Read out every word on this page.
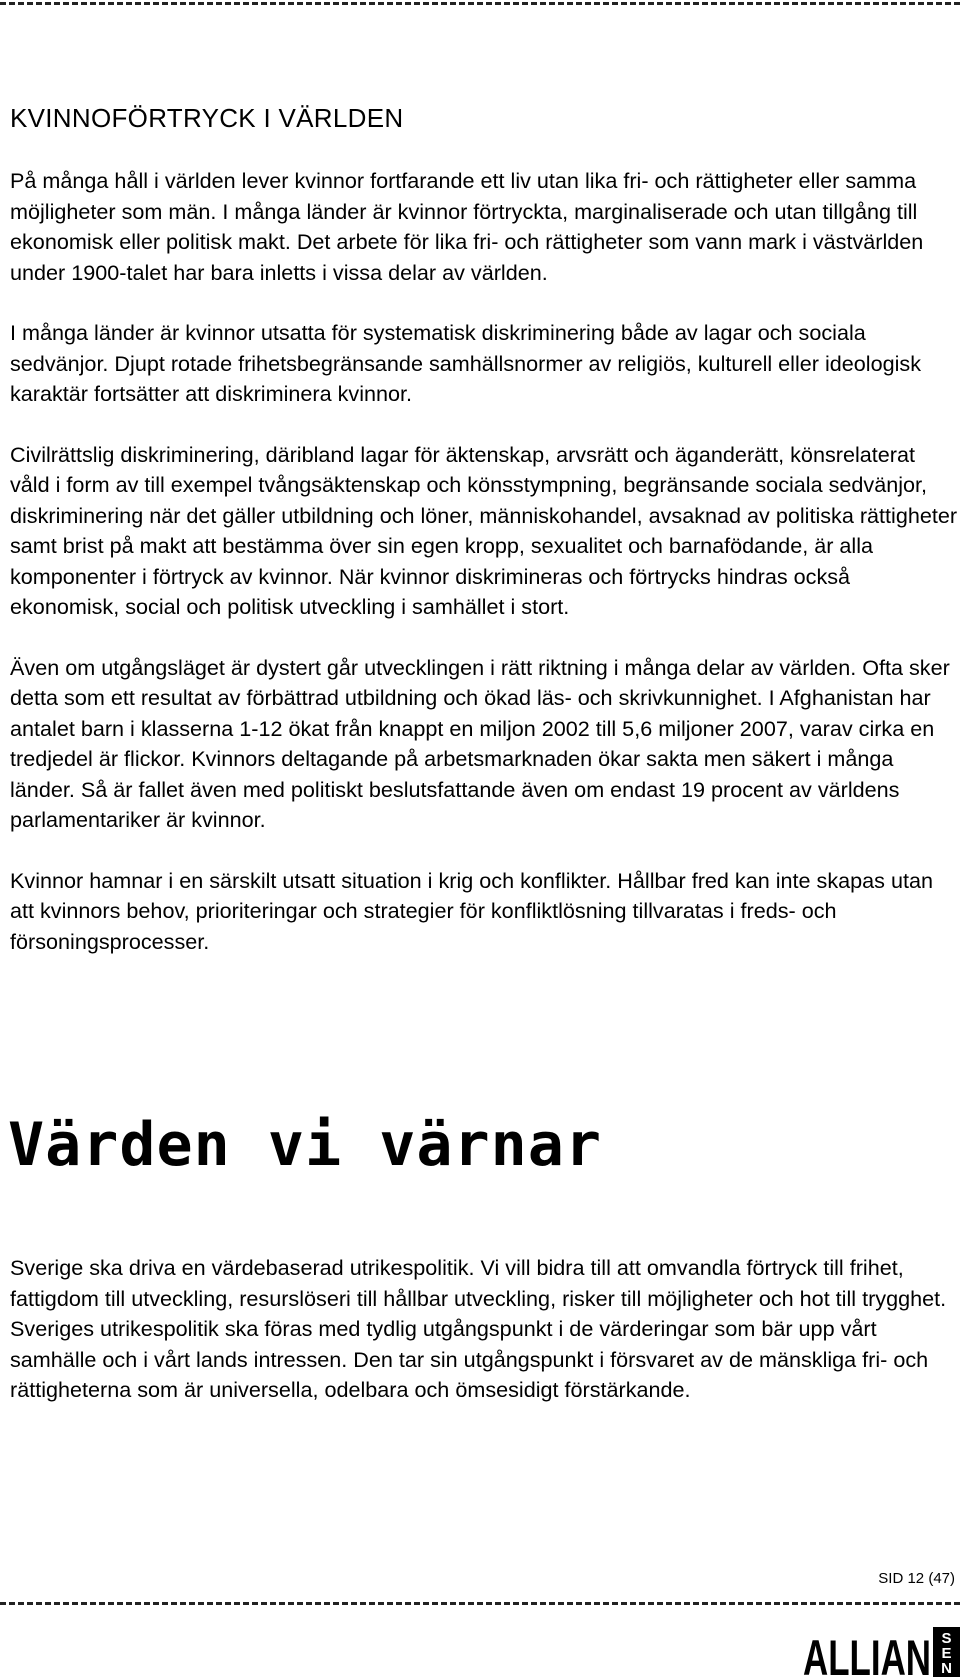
KVINNOFÖRTRYCK I VÄRLDEN

På många håll i världen lever kvinnor fortfarande ett liv utan lika fri- och rättigheter eller samma möjligheter som män. I många länder är kvinnor förtryckta, marginaliserade och utan tillgång till ekonomisk eller politisk makt. Det arbete för lika fri- och rättigheter som vann mark i västvärlden under 1900-talet har bara inletts i vissa delar av världen.

I många länder är kvinnor utsatta för systematisk diskriminering både av lagar och sociala sedvänjor. Djupt rotade frihetsbegränsande samhällsnormer av religiös, kulturell eller ideologisk karaktär fortsätter att diskriminera kvinnor.

Civilrättslig diskriminering, däribland lagar för äktenskap, arvsrätt och äganderätt, könsrelaterat våld i form av till exempel tvångsäktenskap och könsstympning, begränsande sociala sedvänjor, diskriminering när det gäller utbildning och löner, människohandel, avsaknad av politiska rättigheter samt brist på makt att bestämma över sin egen kropp, sexualitet och barnafödande, är alla komponenter i förtryck av kvinnor. När kvinnor diskrimineras och förtrycks hindras också ekonomisk, social och politisk utveckling i samhället i stort.

Även om utgångsläget är dystert går utvecklingen i rätt riktning i många delar av världen. Ofta sker detta som ett resultat av förbättrad utbildning och ökad läs- och skrivkunnighet. I Afghanistan har antalet barn i klasserna 1-12 ökat från knappt en miljon 2002 till 5,6 miljoner 2007, varav cirka en tredjedel är flickor. Kvinnors deltagande på arbetsmarknaden ökar sakta men säkert i många länder. Så är fallet även med politiskt beslutsfattande även om endast 19 procent av världens parlamentariker är kvinnor.

Kvinnor hamnar i en särskilt utsatt situation i krig och konflikter. Hållbar fred kan inte skapas utan att kvinnors behov, prioriteringar och strategier för konfliktlösning tillvaratas i freds- och försoningsprocesser.

Värden vi värnar

Sverige ska driva en värdebaserad utrikespolitik. Vi vill bidra till att omvandla förtryck till frihet, fattigdom till utveckling, resurslöseri till hållbar utveckling, risker till möjligheter och hot till trygghet. Sveriges utrikespolitik ska föras med tydlig utgångspunkt i de värderingar som bär upp vårt samhälle och i vårt lands intressen. Den tar sin utgångspunkt i försvaret av de mänskliga fri- och rättigheterna som är universella, odelbara och ömsesidigt förstärkande.

SID 12 (47)
ALLIAN S
E
N
